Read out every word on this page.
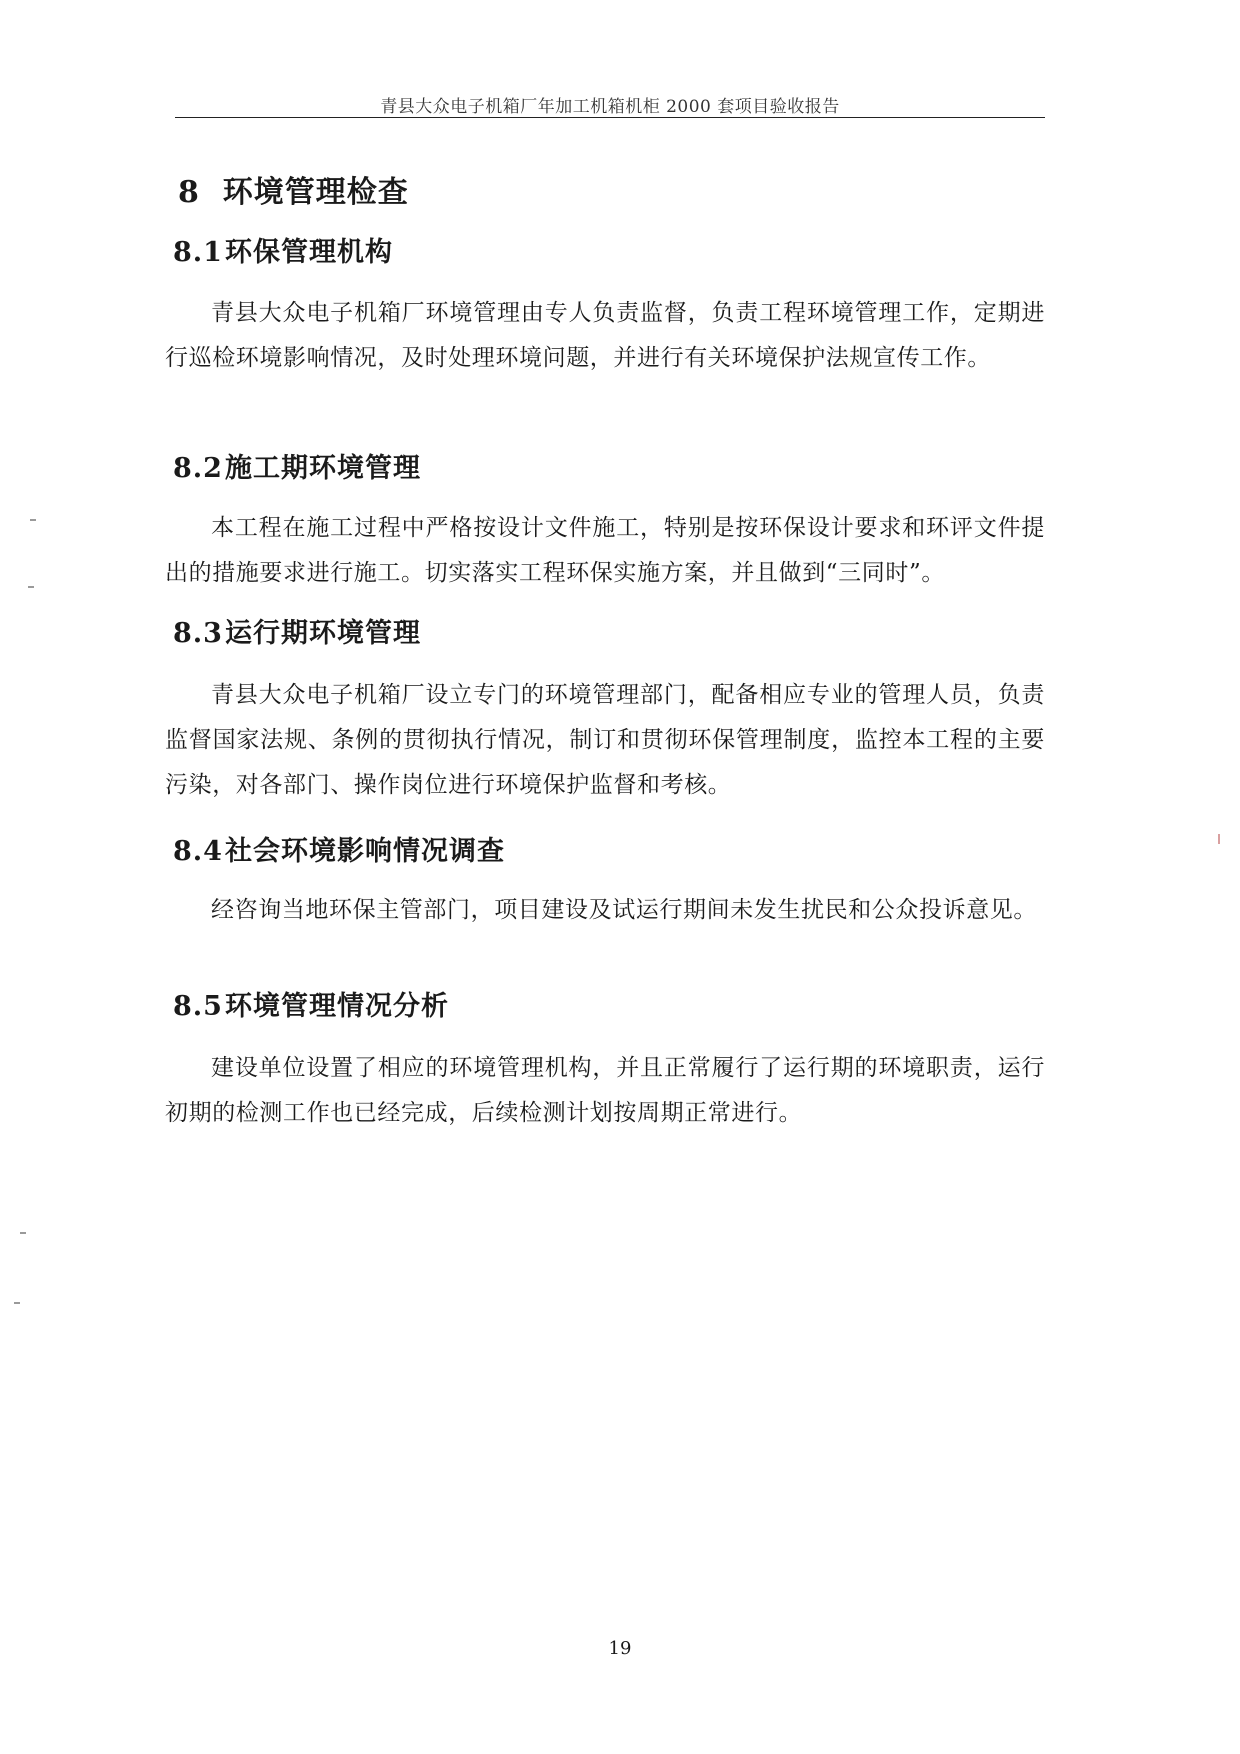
青县大众电子机箱厂年加工机箱机柜 2000 套项目验收报告
8 环境管理检查
8.1环保管理机构

青县大众电子机箱厂环境管理由专人负责监督，负责工程环境管理工作，定期进行巡检环境影响情况，及时处理环境问题，并进行有关环境保护法规宣传工作。

8.2施工期环境管理

本工程在施工过程中严格按设计文件施工，特别是按环保设计要求和环评文件提出的措施要求进行施工。切实落实工程环保实施方案，并且做到“三同时”。

8.3运行期环境管理

青县大众电子机箱厂设立专门的环境管理部门，配备相应专业的管理人员，负责监督国家法规、条例的贯彻执行情况，制订和贯彻环保管理制度，监控本工程的主要污染，对各部门、操作岗位进行环境保护监督和考核。

8.4社会环境影响情况调查

经咨询当地环保主管部门，项目建设及试运行期间未发生扰民和公众投诉意见。

8.5环境管理情况分析

建设单位设置了相应的环境管理机构，并且正常履行了运行期的环境职责，运行初期的检测工作也已经完成，后续检测计划按周期正常进行。

19
